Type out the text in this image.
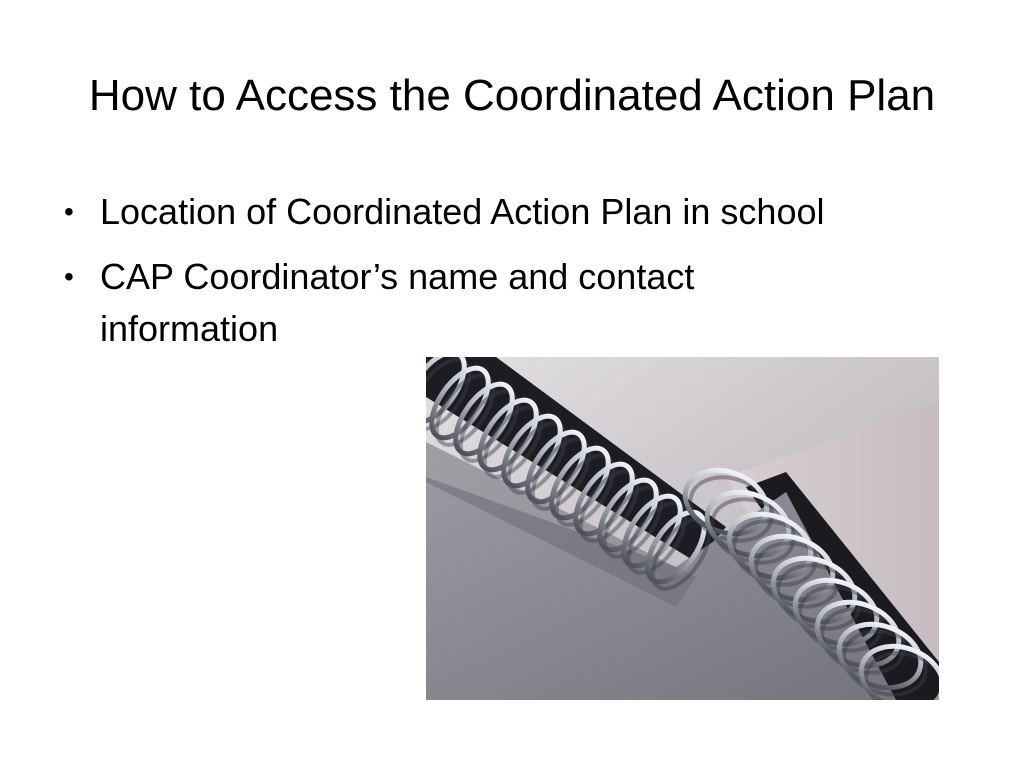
How to Access the Coordinated Action Plan
• Location of Coordinated Action Plan in school
• CAP Coordinator’s name and contact information
